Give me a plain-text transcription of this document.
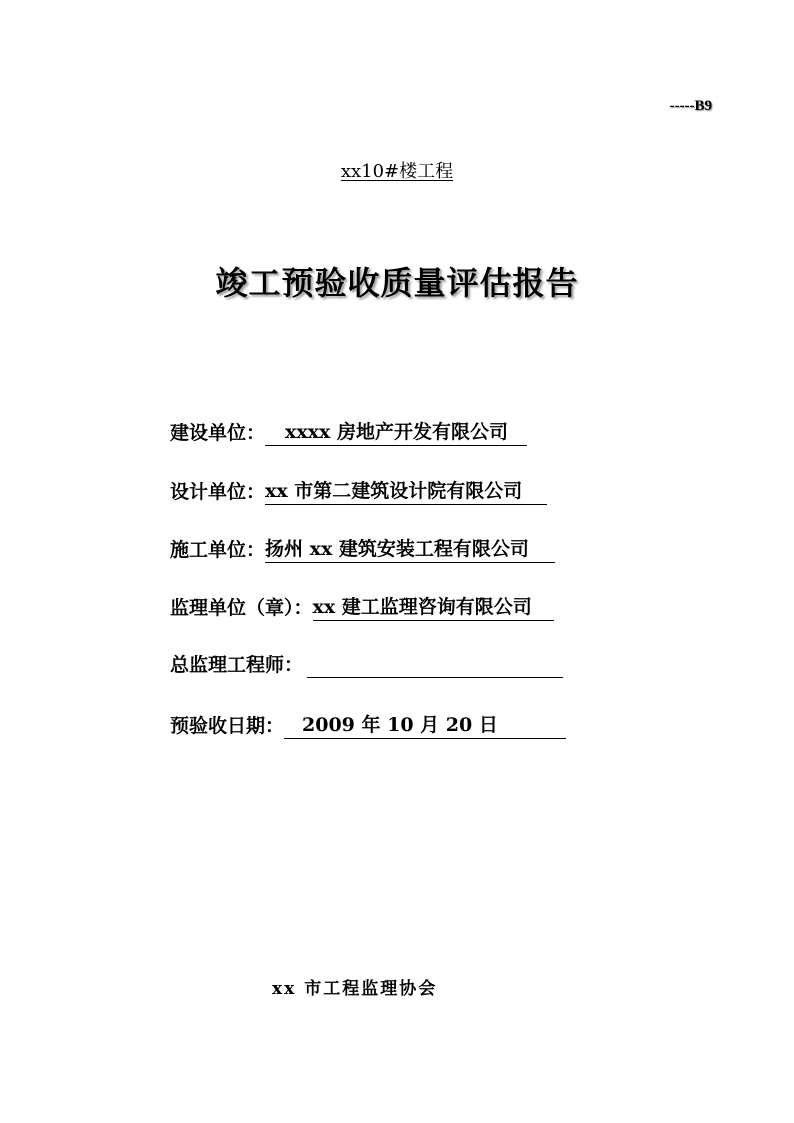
-----B9
xx10#楼工程
竣工预验收质量评估报告
建设单位：	xxxx 房地产开发有限公司
设计单位： xx 市第二建筑设计院有限公司
施工单位： 扬州 xx 建筑安装工程有限公司
监理单位（章）： xx 建工监理咨询有限公司
总监理工程师：
预验收日期： 2009 年 10 月 20 日
xx 市工程监理协会
